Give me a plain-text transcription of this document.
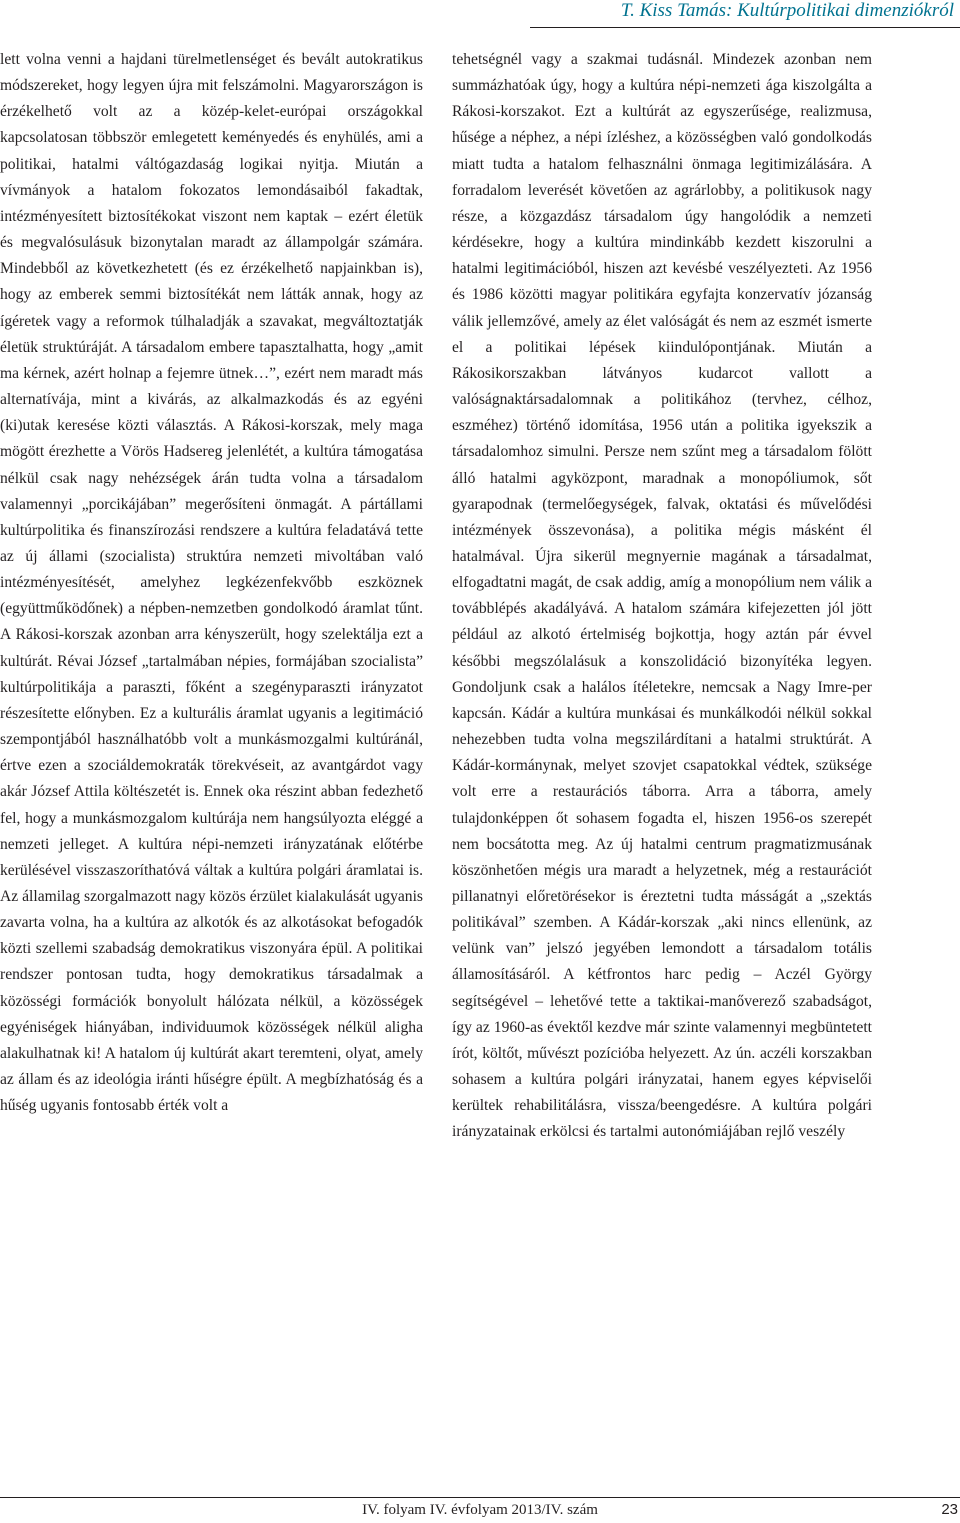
T. Kiss Tamás: Kultúrpolitikai dimenziókról

lett volna venni a hajdani türelmetlenséget és bevált autokratikus módszereket, hogy legyen újra mit felszámolni. Magyarországon is érzékelhető volt az a közép-kelet-európai országokkal kapcsolatosan többször emlegetett keményedés és enyhülés, ami a politikai, hatalmi váltógazdaság logikai nyitja. Miután a vívmányok a hatalom fokozatos lemondásaiból fakadtak, intézményesített biztosítékokat viszont nem kaptak – ezért életük és megvalósulásuk bizonytalan maradt az állampolgár számára. Mindebből az következhetett (és ez érzékelhető napjainkban is), hogy az emberek semmi biztosítékát nem látták annak, hogy az ígéretek vagy a reformok túlhaladják a szavakat, megváltoztatják életük struktúráját. A társadalom embere tapasztalhatta, hogy „amit ma kérnek, azért holnap a fejemre ütnek…”, ezért nem maradt más alternatívája, mint a kivárás, az alkalmazkodás és az egyéni (ki)utak keresése közti választás. A Rákosi-korszak, mely maga mögött érezhette a Vörös Hadsereg jelenlétét, a kultúra támogatása nélkül csak nagy nehézségek árán tudta volna a társadalom valamennyi „porcikájában” megerősíteni önmagát. A pártállami kultúrpolitika és finanszírozási rendszere a kultúra feladatává tette az új állami (szocialista) struktúra nemzeti mivoltában való intézményesítését, amelyhez legkézenfekvőbb eszköznek (együttműködőnek) a népben-nemzetben gondolkodó áramlat tűnt. A Rákosi-korszak azonban arra kényszerült, hogy szelektálja ezt a kultúrát. Révai József „tartalmában népies, formájában szocialista” kultúrpolitikája a paraszti, főként a szegényparaszti irányzatot részesítette előnyben. Ez a kulturális áramlat ugyanis a legitimáció szempontjából használhatóbb volt a munkásmozgalmi kultúránál, értve ezen a szociáldemokraták törekvéseit, az avantgárdot vagy akár József Attila költészetét is. Ennek oka részint abban fedezhető fel, hogy a munkásmozgalom kultúrája nem hangsúlyozta eléggé a nemzeti jelleget. A kultúra népi-nemzeti irányzatának előtérbe kerülésével visszaszoríthatóvá váltak a kultúra polgári áramlatai is. Az államilag szorgalmazott nagy közös érzület kialakulását ugyanis zavarta volna, ha a kultúra az alkotók és az alkotásokat befogadók közti szellemi szabadság demokratikus viszonyára épül. A politikai rendszer pontosan tudta, hogy demokratikus társadalmak a közösségi formációk bonyolult hálózata nélkül, a közösségek egyéniségek hiányában, individuumok közösségek nélkül aligha alakulhatnak ki! A hatalom új kultúrát akart teremteni, olyat, amely az állam és az ideológia iránti hűségre épült. A megbízhatóság és a hűség ugyanis fontosabb érték volt a

tehetségnél vagy a szakmai tudásnál. Mindezek azonban nem summázhatóak úgy, hogy a kultúra népi-nemzeti ága kiszolgálta a Rákosi-korszakot. Ezt a kultúrát az egyszerűsége, realizmusa, hűsége a néphez, a népi ízléshez, a közösségben való gondolkodás miatt tudta a hatalom felhasználni önmaga legitimizálására. A forradalom leverését követően az agrárlobby, a politikusok nagy része, a közgazdász társadalom úgy hangolódik a nemzeti kérdésekre, hogy a kultúra mindinkább kezdett kiszorulni a hatalmi legitimációból, hiszen azt kevésbé veszélyezteti. Az 1956 és 1986 közötti magyar politikára egyfajta konzervatív józanság válik jellemzővé, amely az élet valóságát és nem az eszmét ismerte el a politikai lépések kiindulópontjának. Miután a Rákosikorszakban látványos kudarcot vallott a valóságnaktársadalomnak a politikához (tervhez, célhoz, eszméhez) történő idomítása, 1956 után a politika igyekszik a társadalomhoz simulni. Persze nem szűnt meg a társadalom fölött álló hatalmi agyközpont, maradnak a monopóliumok, sőt gyarapodnak (termelőegységek, falvak, oktatási és művelődési intézmények összevonása), a politika mégis másként él hatalmával. Újra sikerül megnyernie magának a társadalmat, elfogadtatni magát, de csak addig, amíg a monopólium nem válik a továbblépés akadályává. A hatalom számára kifejezetten jól jött például az alkotó értelmiség bojkottja, hogy aztán pár évvel későbbi megszólalásuk a konszolidáció bizonyítéka legyen. Gondoljunk csak a halálos ítéletekre, nemcsak a Nagy Imre-per kapcsán. Kádár a kultúra munkásai és munkálkodói nélkül sokkal nehezebben tudta volna megszilárdítani a hatalmi struktúrát. A Kádár-kormánynak, melyet szovjet csapatokkal védtek, szüksége volt erre a restaurációs táborra. Arra a táborra, amely tulajdonképpen őt sohasem fogadta el, hiszen 1956-os szerepét nem bocsátotta meg. Az új hatalmi centrum pragmatizmusának köszönhetően mégis ura maradt a helyzetnek, még a restaurációt pillanatnyi előretörésekor is éreztetni tudta másságát a „szektás politikával” szemben. A Kádár-korszak „aki nincs ellenünk, az velünk van” jelszó jegyében lemondott a társadalom totális államosításáról. A kétfrontos harc pedig – Aczél György segítségével – lehetővé tette a taktikai-manőverező szabadságot, így az 1960-as évektől kezdve már szinte valamennyi megbüntetett írót, költőt, művészt pozícióba helyezett. Az ún. aczéli korszakban sohasem a kultúra polgári irányzatai, hanem egyes képviselői kerültek rehabilitálásra, vissza/beengedésre. A kultúra polgári irányzatainak erkölcsi és tartalmi autonómiájában rejlő veszély

IV. folyam IV. évfolyam 2013/IV. szám	23
